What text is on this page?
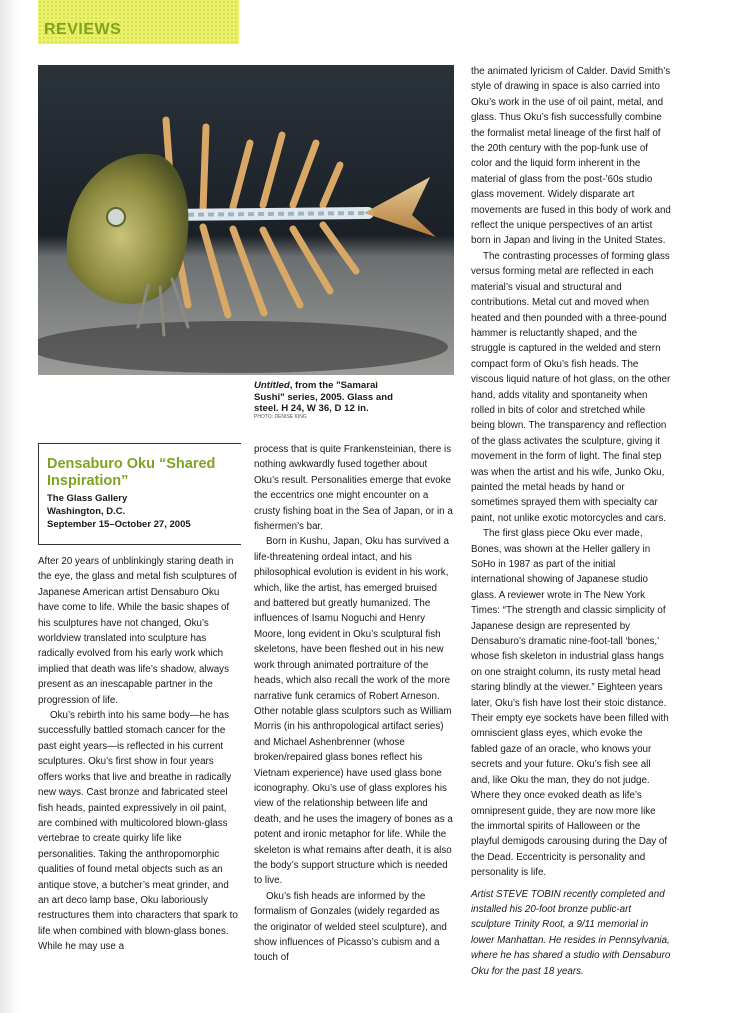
REVIEWS
Untitled, from the "Samarai Sushi" series, 2005. Glass and steel. H 24, W 36, D 12 in.
PHOTO: DENISE KING
Densaburo Oku “Shared Inspiration”
The Glass Gallery
Washington, D.C.
September 15–October 27, 2005

After 20 years of unblinkingly staring death in the eye, the glass and metal fish sculptures of Japanese American artist Densaburo Oku have come to life. While the basic shapes of his sculptures have not changed, Oku’s worldview translated into sculpture has radically evolved from his early work which implied that death was life’s shadow, always present as an inescapable partner in the progression of life.

Oku’s rebirth into his same body—he has successfully battled stomach cancer for the past eight years—is reflected in his current sculptures. Oku’s first show in four years offers works that live and breathe in radically new ways. Cast bronze and fabricated steel fish heads, painted expressively in oil paint, are combined with multicolored blown-glass vertebrae to create quirky life like personalities. Taking the anthropomorphic qualities of found metal objects such as an antique stove, a butcher’s meat grinder, and an art deco lamp base, Oku laboriously restructures them into characters that spark to life when combined with blown-glass bones. While he may use a

process that is quite Frankensteinian, there is nothing awkwardly fused together about Oku’s result. Personalities emerge that evoke the eccentrics one might encounter on a crusty fishing boat in the Sea of Japan, or in a fishermen’s bar.

Born in Kushu, Japan, Oku has survived a life-threatening ordeal intact, and his philosophical evolution is evident in his work, which, like the artist, has emerged bruised and battered but greatly humanized. The influences of Isamu Noguchi and Henry Moore, long evident in Oku’s sculptural fish skeletons, have been fleshed out in his new work through animated portraiture of the heads, which also recall the work of the more narrative funk ceramics of Robert Arneson. Other notable glass sculptors such as William Morris (in his anthropological artifact series) and Michael Ashenbrenner (whose broken/repaired glass bones reflect his Vietnam experience) have used glass bone iconography. Oku’s use of glass explores his view of the relationship between life and death, and he uses the imagery of bones as a potent and ironic metaphor for life. While the skeleton is what remains after death, it is also the body’s support structure which is needed to live.

Oku’s fish heads are informed by the formalism of Gonzales (widely regarded as the originator of welded steel sculpture), and show influences of Picasso’s cubism and a touch of

the animated lyricism of Calder. David Smith’s style of drawing in space is also carried into Oku’s work in the use of oil paint, metal, and glass. Thus Oku’s fish successfully combine the formalist metal lineage of the first half of the 20th century with the pop-funk use of color and the liquid form inherent in the material of glass from the post-’60s studio glass movement. Widely disparate art movements are fused in this body of work and reflect the unique perspectives of an artist born in Japan and living in the United States.

The contrasting processes of forming glass versus forming metal are reflected in each material’s visual and structural and contributions. Metal cut and moved when heated and then pounded with a three-pound hammer is reluctantly shaped, and the struggle is captured in the welded and stern compact form of Oku’s fish heads. The viscous liquid nature of hot glass, on the other hand, adds vitality and spontaneity when rolled in bits of color and stretched while being blown. The transparency and reflection of the glass activates the sculpture, giving it movement in the form of light. The final step was when the artist and his wife, Junko Oku, painted the metal heads by hand or sometimes sprayed them with specialty car paint, not unlike exotic motorcycles and cars.

The first glass piece Oku ever made, Bones, was shown at the Heller gallery in SoHo in 1987 as part of the initial international showing of Japanese studio glass. A reviewer wrote in The New York Times: “The strength and classic simplicity of Japanese design are represented by Densaburo’s dramatic nine-foot-tall ‘bones,’ whose fish skeleton in industrial glass hangs on one straight column, its rusty metal head staring blindly at the viewer.” Eighteen years later, Oku’s fish have lost their stoic distance. Their empty eye sockets have been filled with omniscient glass eyes, which evoke the fabled gaze of an oracle, who knows your secrets and your future. Oku’s fish see all and, like Oku the man, they do not judge. Where they once evoked death as life’s omnipresent guide, they are now more like the immortal spirits of Halloween or the playful demigods carousing during the Day of the Dead. Eccentricity is personality and personality is life.

Artist STEVE TOBIN recently completed and installed his 20-foot bronze public-art sculpture Trinity Root, a 9/11 memorial in lower Manhattan. He resides in Pennsylvania, where he has shared a studio with Densaburo Oku for the past 18 years.
